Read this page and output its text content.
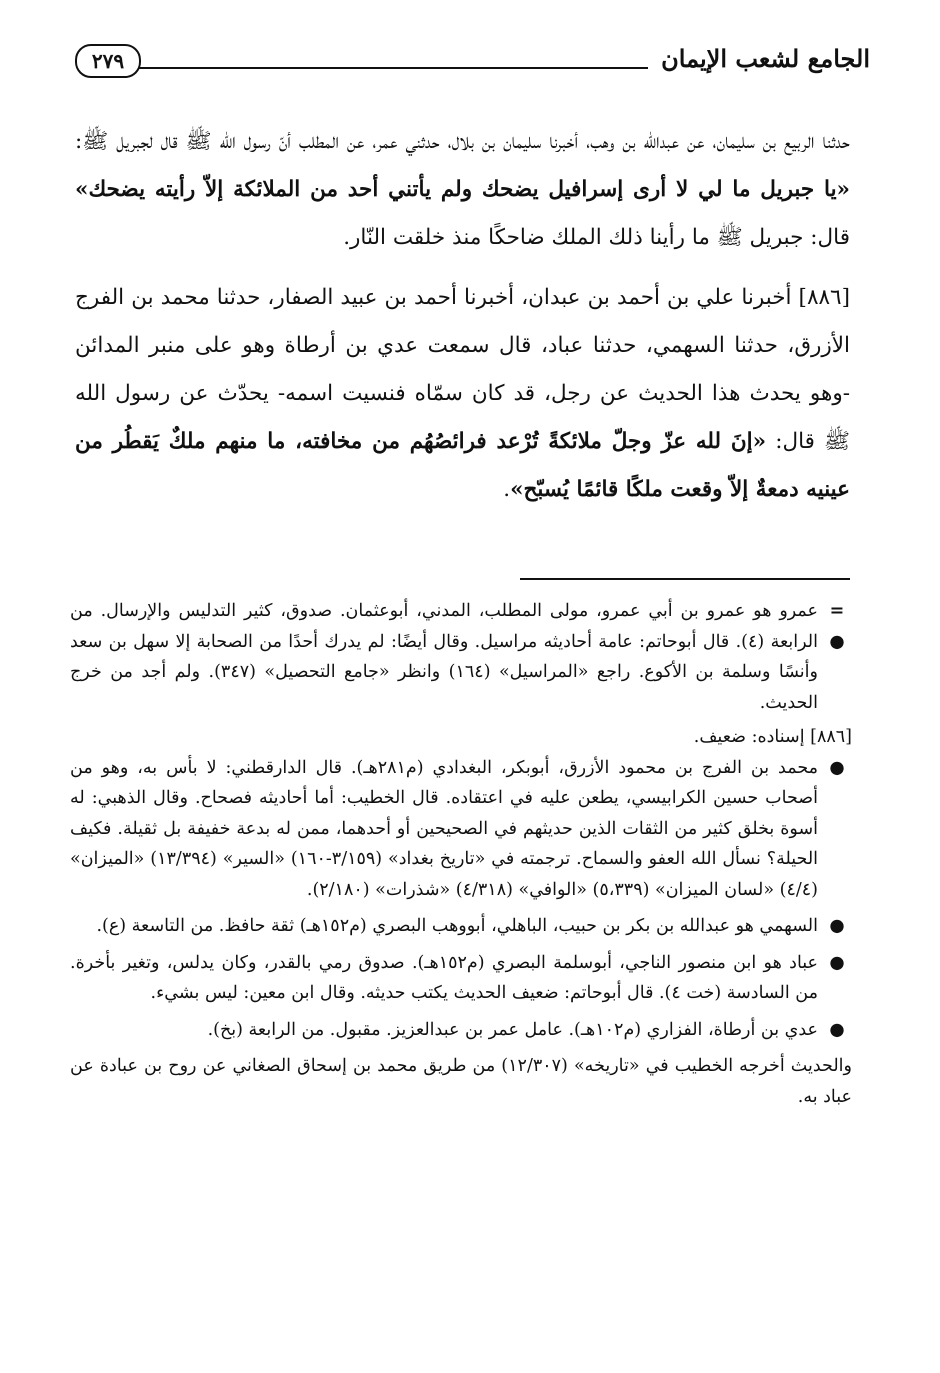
الجامع لشعب الإيمان
٢٧٩

حدثنا الربيع بن سليمان، عن عبدالله بن وهب، أخبرنا سليمان بن بلال، حدثني عمر، عن المطلب أنّ رسول الله ﷺ قال لجبريل ﷺ: «يا جبريل ما لي لا أرى إسرافيل يضحك ولم يأتني أحد من الملائكة إلاّ رأيته يضحك» قال: جبريل ﷺ ما رأينا ذلك الملك ضاحكًا منذ خلقت النّار.

[٨٨٦] أخبرنا علي بن أحمد بن عبدان، أخبرنا أحمد بن عبيد الصفار، حدثنا محمد بن الفرج الأزرق، حدثنا السهمي، حدثنا عباد، قال سمعت عدي بن أرطاة وهو على منبر المدائن -وهو يحدث هذا الحديث عن رجل، قد كان سمّاه فنسيت اسمه- يحدّث عن رسول الله ﷺ قال: «إنَ لله عزّ وجلّ ملائكةً تُرْعد فرائصُهُم من مخافته، ما منهم ملكٌ يَقطُر من عينيه دمعةٌ إلاّ وقعت ملكًا قائمًا يُسبّح».

= ●
عمرو هو عمرو بن أبي عمرو، مولى المطلب، المدني، أبوعثمان. صدوق، كثير التدليس والإرسال. من الرابعة (٤). قال أبوحاتم: عامة أحاديثه مراسيل. وقال أيضًا: لم يدرك أحدًا من الصحابة إلا سهل بن سعد وأنسًا وسلمة بن الأكوع. راجع «المراسيل» (١٦٤) وانظر «جامع التحصيل» (٣٤٧). ولم أجد من خرج الحديث.

[٨٨٦] إسناده: ضعيف.

●
محمد بن الفرج بن محمود الأزرق، أبوبكر، البغدادي (م٢٨١هـ). قال الدارقطني: لا بأس به، وهو من أصحاب حسين الكرابيسي، يطعن عليه في اعتقاده. قال الخطيب: أما أحاديثه فصحاح. وقال الذهبي: له أسوة بخلق كثير من الثقات الذين حديثهم في الصحيحين أو أحدهما، ممن له بدعة خفيفة بل ثقيلة. فكيف الحيلة؟ نسأل الله العفو والسماح. ترجمته في «تاريخ بغداد» (٣/١٥٩-١٦٠) «السير» (١٣/٣٩٤) «الميزان» (٤/٤) «لسان الميزان» (٥،٣٣٩) «الوافي» (٤/٣١٨) «شذرات» (٢/١٨٠).

●
السهمي هو عبدالله بن بكر بن حبيب، الباهلي، أبووهب البصري (م١٥٢هـ) ثقة حافظ. من التاسعة (ع).

●
عباد هو ابن منصور الناجي، أبوسلمة البصري (م١٥٢هـ). صدوق رمي بالقدر، وكان يدلس، وتغير بأخرة. من السادسة (خت ٤). قال أبوحاتم: ضعيف الحديث يكتب حديثه. وقال ابن معين: ليس بشيء.

●
عدي بن أرطاة، الفزاري (م١٠٢هـ). عامل عمر بن عبدالعزيز. مقبول. من الرابعة (بخ).

والحديث أخرجه الخطيب في «تاريخه» (١٢/٣٠٧) من طريق محمد بن إسحاق الصغاني عن روح بن عبادة عن عباد به.
